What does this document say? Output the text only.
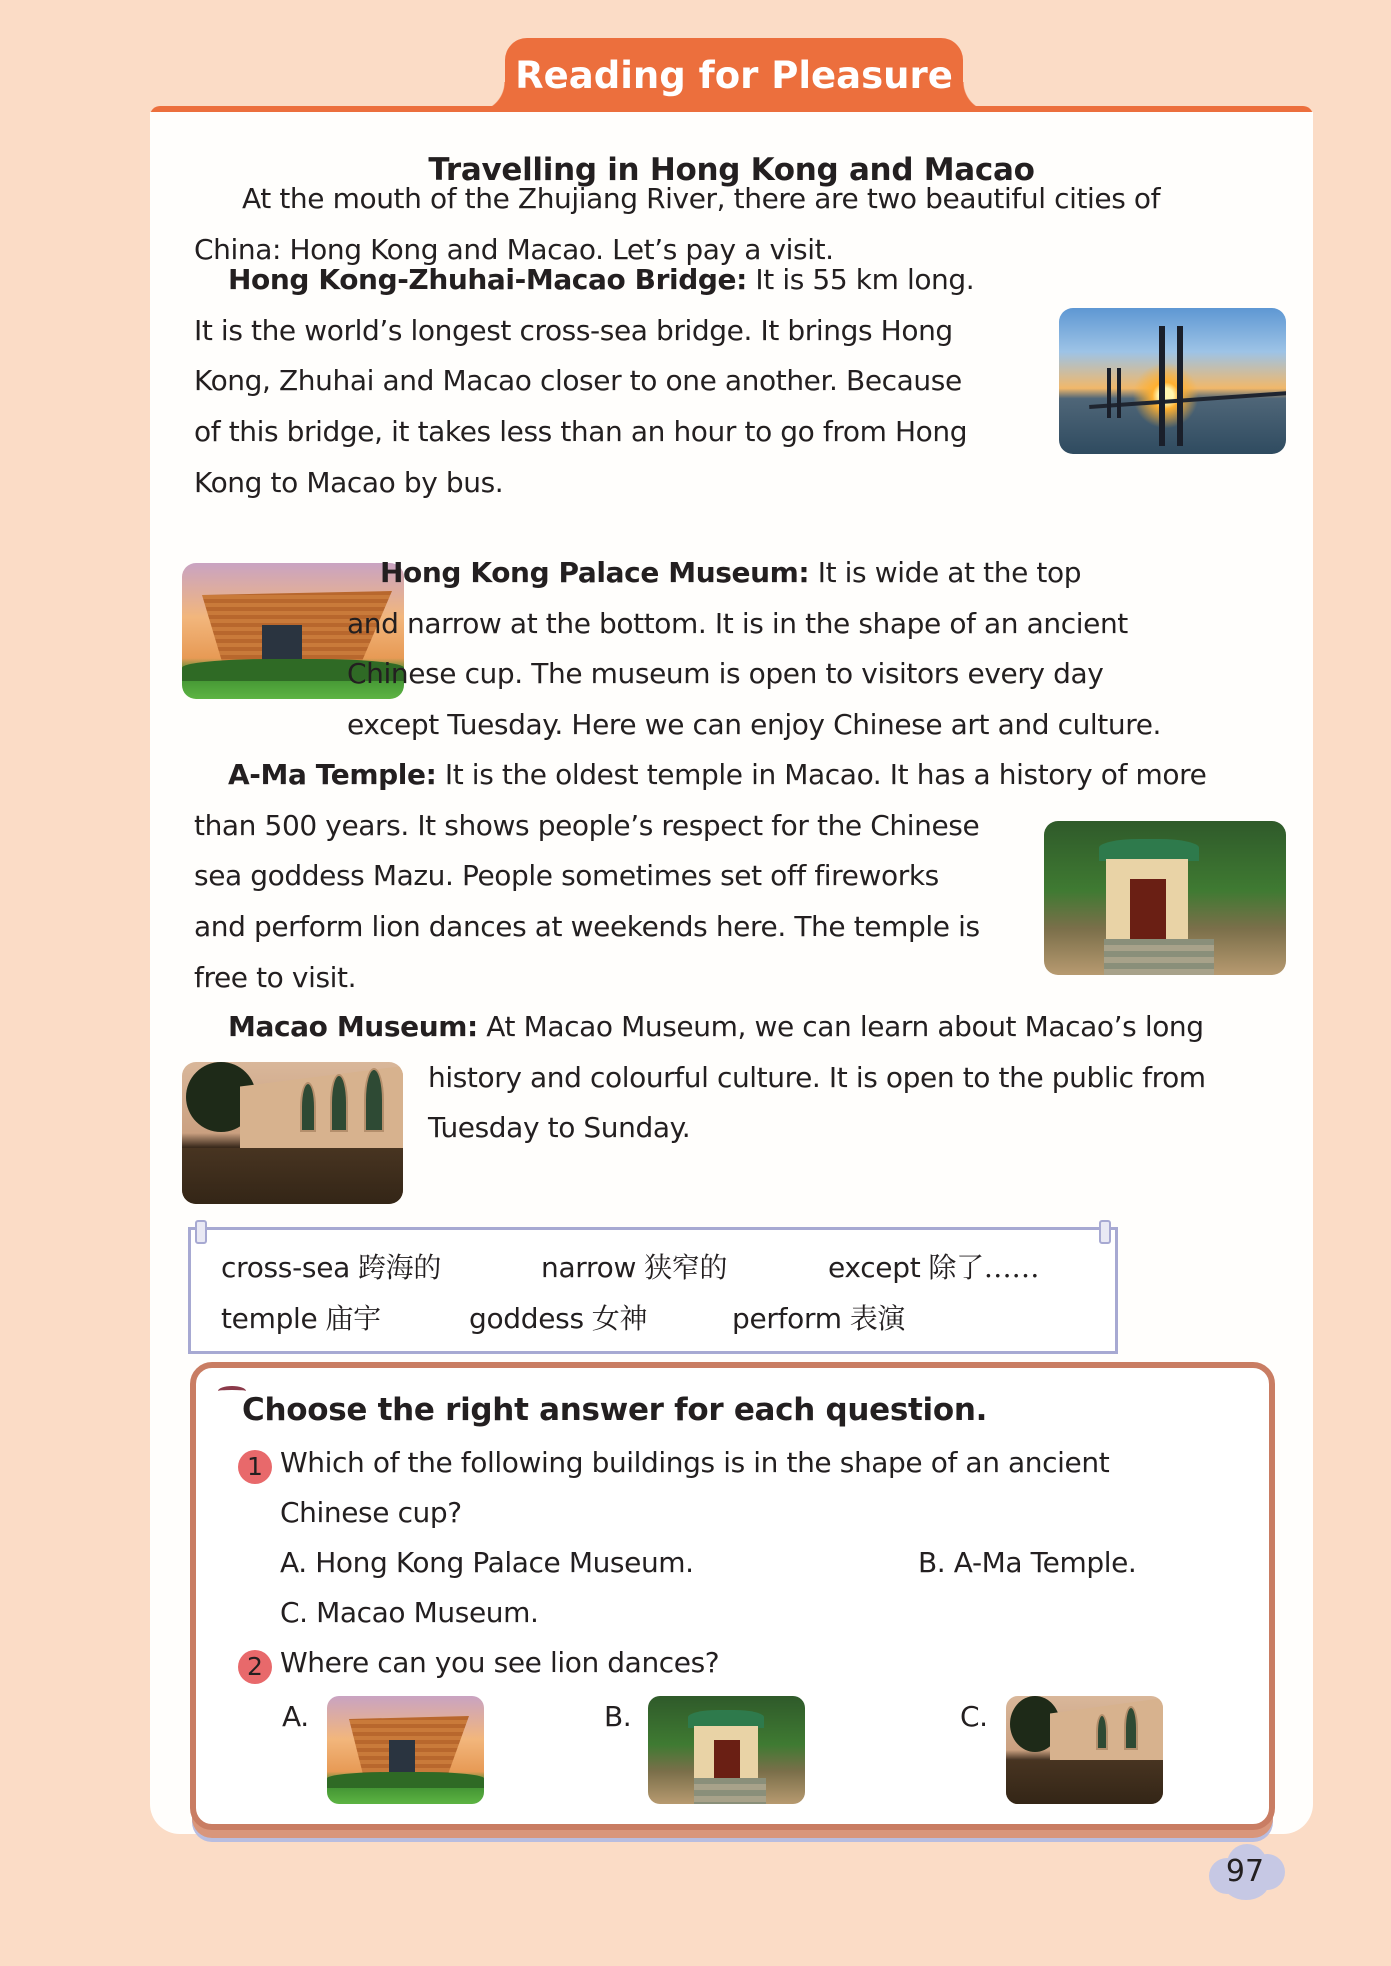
Reading for Pleasure
Travelling in Hong Kong and Macao
At the mouth of the Zhujiang River, there are two beautiful cities of
China: Hong Kong and Macao. Let’s pay a visit.
Hong Kong-Zhuhai-Macao Bridge: It is 55 km long.
It is the world’s longest cross-sea bridge. It brings Hong
Kong, Zhuhai and Macao closer to one another. Because
of this bridge, it takes less than an hour to go from Hong
Kong to Macao by bus.
Hong Kong Palace Museum: It is wide at the top
and narrow at the bottom. It is in the shape of an ancient
Chinese cup. The museum is open to visitors every day
except Tuesday. Here we can enjoy Chinese art and culture.
A-Ma Temple: It is the oldest temple in Macao. It has a history of more
than 500 years. It shows people’s respect for the Chinese
sea goddess Mazu. People sometimes set off fireworks
and perform lion dances at weekends here. The temple is
free to visit.
Macao Museum: At Macao Museum, we can learn about Macao’s long
history and colourful culture. It is open to the public from
Tuesday to Sunday.
cross-sea 跨海的	narrow 狭窄的	except 除了……
temple 庙宇	goddess 女神	perform 表演
Choose the right answer for each question.
1 Which of the following buildings is in the shape of an ancient
Chinese cup?
A. Hong Kong Palace Museum.	B. A-Ma Temple.
C. Macao Museum.
2 Where can you see lion dances?
A.	B.	C.
97
